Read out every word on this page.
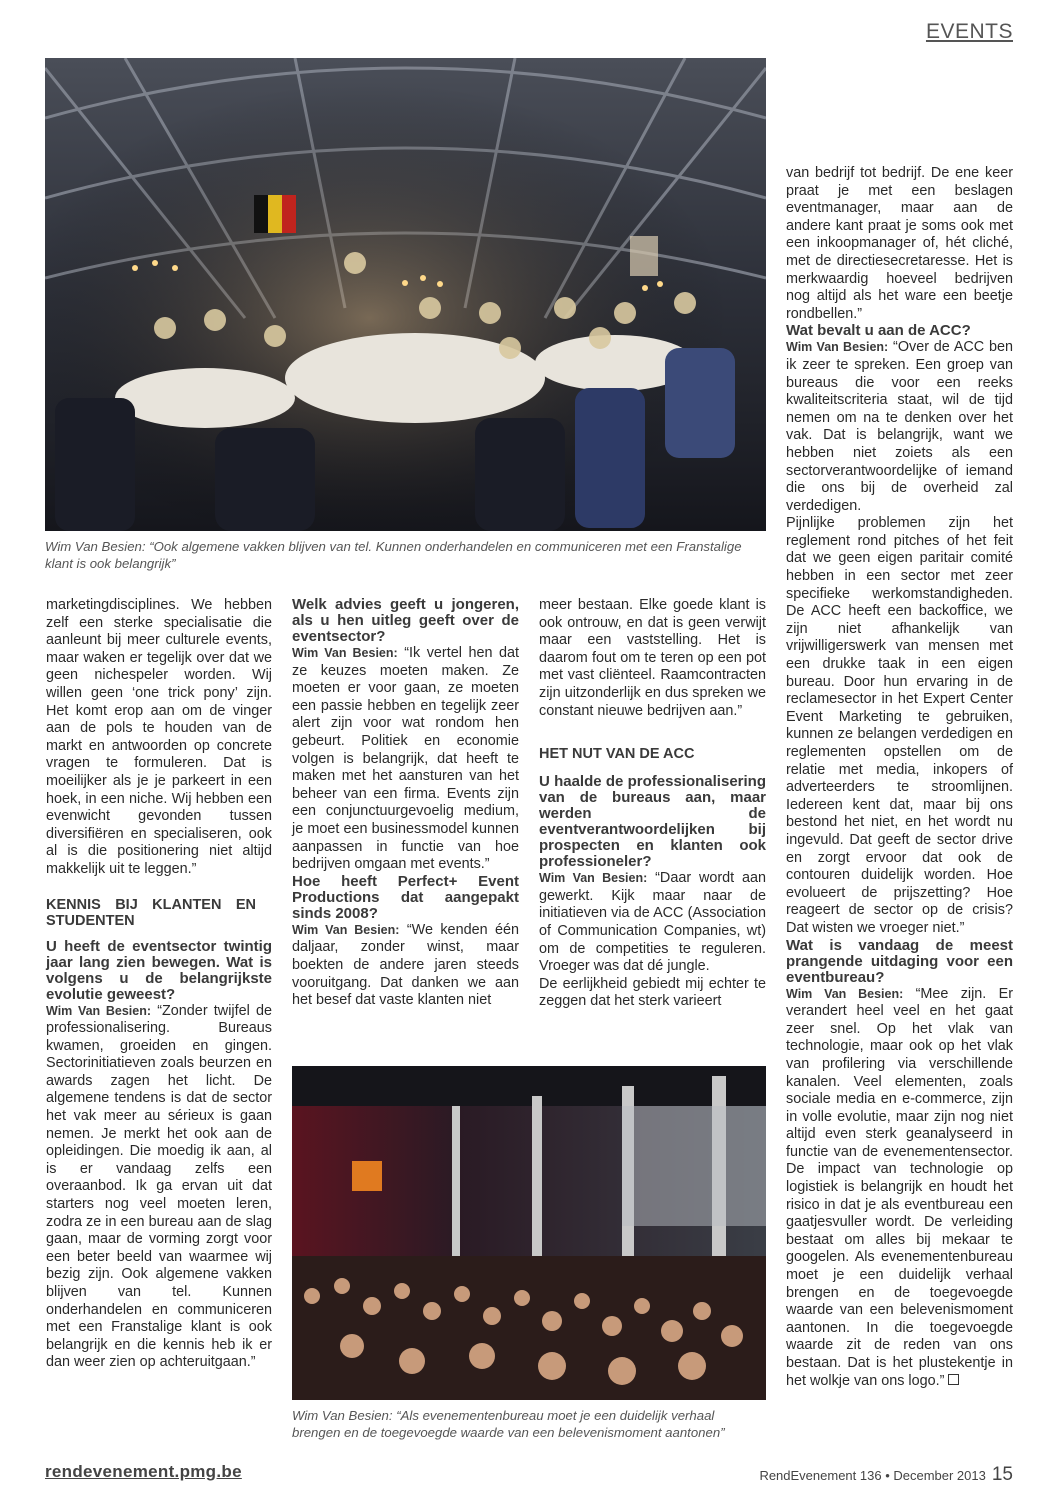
EVENTS
Wim Van Besien: “Ook algemene vakken blijven van tel. Kunnen onderhandelen en communiceren met een Franstalige klant is ook belangrijk”

marketingdisciplines. We hebben zelf een sterke specialisatie die aanleunt bij meer culturele events, maar waken er tegelijk over dat we geen nichespeler worden. Wij willen geen ‘one trick pony’ zijn. Het komt erop aan om de vinger aan de pols te houden van de markt en antwoorden op concrete vragen te formuleren. Dat is moeilijker als je je parkeert in een hoek, in een niche. Wij hebben een evenwicht gevonden tussen diversifiëren en specialiseren, ook al is die positionering niet altijd makkelijk uit te leggen.”

KENNIS BIJ KLANTEN EN STUDENTEN

U heeft de eventsector twintig jaar lang zien bewegen. Wat is volgens u de belangrijkste evolutie geweest?

Wim Van Besien: “Zonder twijfel de professionalisering. Bureaus kwamen, groeiden en gingen. Sectorinitiatieven zoals beurzen en awards zagen het licht. De algemene tendens is dat de sector het vak meer au sérieux is gaan nemen. Je merkt het ook aan de opleidingen. Die moedig ik aan, al is er vandaag zelfs een overaanbod. Ik ga ervan uit dat starters nog veel moeten leren, zodra ze in een bureau aan de slag gaan, maar de vorming zorgt voor een beter beeld van waarmee wij bezig zijn. Ook algemene vakken blijven van tel. Kunnen onderhandelen en communiceren met een Franstalige klant is ook belangrijk en die kennis heb ik er dan weer zien op achteruitgaan.”

Welk advies geeft u jongeren, als u hen uitleg geeft over de eventsector?

Wim Van Besien: “Ik vertel hen dat ze keuzes moeten maken. Ze moeten er voor gaan, ze moeten een passie hebben en tegelijk zeer alert zijn voor wat rondom hen gebeurt. Politiek en economie volgen is belangrijk, dat heeft te maken met het aansturen van het beheer van een firma. Events zijn een conjunctuurgevoelig medium, je moet een businessmodel kunnen aanpassen in functie van hoe bedrijven omgaan met events.”

Hoe heeft Perfect+ Event Productions dat aangepakt sinds 2008?

Wim Van Besien: “We kenden één daljaar, zonder winst, maar boekten de andere jaren steeds vooruitgang. Dat danken we aan het besef dat vaste klanten niet

meer bestaan. Elke goede klant is ook ontrouw, en dat is geen verwijt maar een vaststelling. Het is daarom fout om te teren op een pot met vast cliënteel. Raamcontracten zijn uitzonderlijk en dus spreken we constant nieuwe bedrijven aan.”

HET NUT VAN DE ACC

U haalde de professionalisering van de bureaus aan, maar werden de eventverantwoordelijken bij prospecten en klanten ook professioneler?

Wim Van Besien: “Daar wordt aan gewerkt. Kijk maar naar de initiatieven via de ACC (Association of Communication Companies, wt) om de competities te reguleren. Vroeger was dat dé jungle.

De eerlijkheid gebiedt mij echter te zeggen dat het sterk varieert

Wim Van Besien: “Als evenementenbureau moet je een duidelijk verhaal brengen en de toegevoegde waarde van een belevenismoment aantonen”

van bedrijf tot bedrijf. De ene keer praat je met een beslagen eventmanager, maar aan de andere kant praat je soms ook met een inkoopmanager of, hét cliché, met de directiesecretaresse. Het is merkwaardig hoeveel bedrijven nog altijd als het ware een beetje rondbellen.”

Wat bevalt u aan de ACC?

Wim Van Besien: “Over de ACC ben ik zeer te spreken. Een groep van bureaus die voor een reeks kwaliteitscriteria staat, wil de tijd nemen om na te denken over het vak. Dat is belangrijk, want we hebben niet zoiets als een sectorverantwoordelijke of iemand die ons bij de overheid zal verdedigen.

Pijnlijke problemen zijn het reglement rond pitches of het feit dat we geen eigen paritair comité hebben in een sector met zeer specifieke werkomstandigheden. De ACC heeft een backoffice, we zijn niet afhankelijk van vrijwilligerswerk van mensen met een drukke taak in een eigen bureau. Door hun ervaring in de reclamesector in het Expert Center Event Marketing te gebruiken, kunnen ze belangen verdedigen en reglementen opstellen om de relatie met media, inkopers of adverteerders te stroomlijnen. Iedereen kent dat, maar bij ons bestond het niet, en het wordt nu ingevuld. Dat geeft de sector drive en zorgt ervoor dat ook de contouren duidelijk worden. Hoe evolueert de prijszetting? Hoe reageert de sector op de crisis? Dat wisten we vroeger niet.”

Wat is vandaag de meest prangende uitdaging voor een eventbureau?

Wim Van Besien: “Mee zijn. Er verandert heel veel en het gaat zeer snel. Op het vlak van technologie, maar ook op het vlak van profilering via verschillende kanalen. Veel elementen, zoals sociale media en e-commerce, zijn in volle evolutie, maar zijn nog niet altijd even sterk geanalyseerd in functie van de evenementensector. De impact van technologie op logistiek is belangrijk en houdt het risico in dat je als eventbureau een gaatjesvuller wordt. De verleiding bestaat om alles bij mekaar te googelen. Als evenementenbureau moet je een duidelijk verhaal brengen en de toegevoegde waarde van een belevenismoment aantonen. In die toegevoegde waarde zit de reden van ons bestaan. Dat is het plustekentje in het wolkje van ons logo.”

rendevenement.pmg.be	RendEvenement 136 • December 2013 15
